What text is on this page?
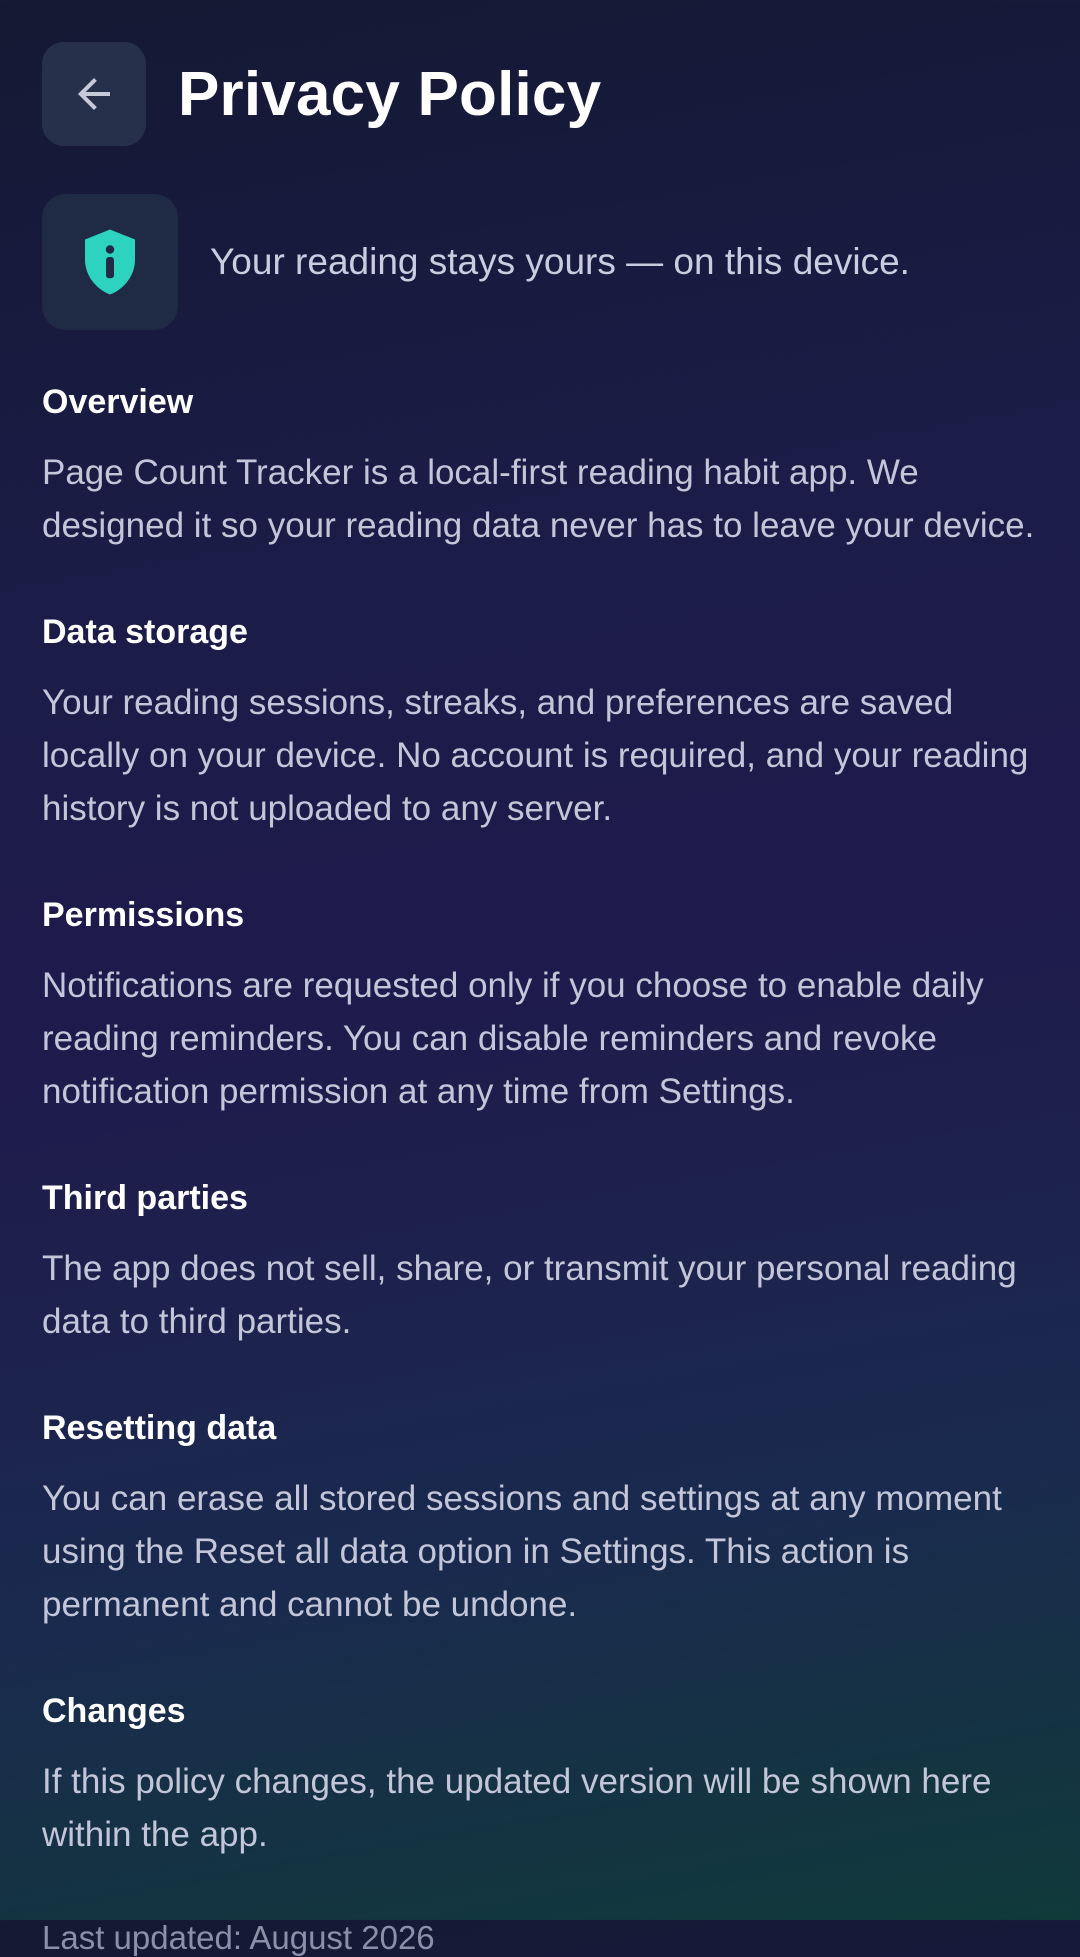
Privacy Policy
Your reading stays yours — on this device.

Overview

Page Count Tracker is a local-first reading habit app. We designed it so your reading data never has to leave your device.

Data storage

Your reading sessions, streaks, and preferences are saved locally on your device. No account is required, and your reading history is not uploaded to any server.

Permissions

Notifications are requested only if you choose to enable daily reading reminders. You can disable reminders and revoke notification permission at any time from Settings.

Third parties

The app does not sell, share, or transmit your personal reading data to third parties.

Resetting data

You can erase all stored sessions and settings at any moment using the Reset all data option in Settings. This action is permanent and cannot be undone.

Changes

If this policy changes, the updated version will be shown here within the app.

Last updated: August 2026
